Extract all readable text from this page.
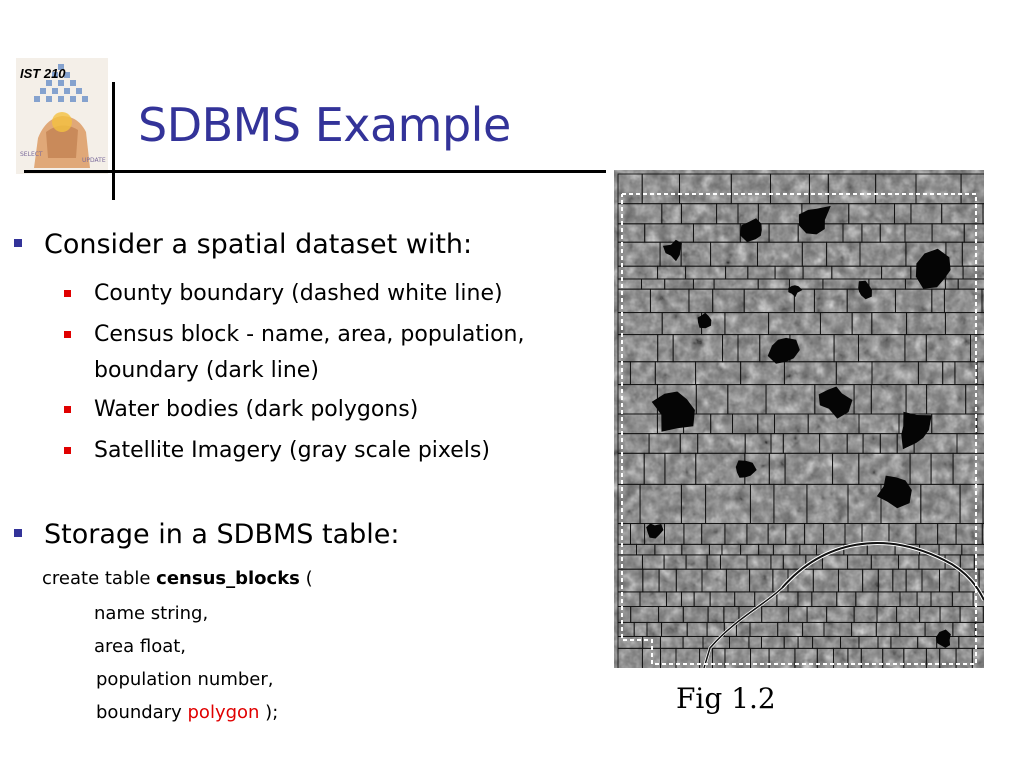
SELECT
UPDATE
IST 210
SDBMS Example
Consider a spatial dataset with:
County boundary (dashed white line)
Census block - name, area, population, boundary (dark line)
Water bodies (dark polygons)
Satellite Imagery (gray scale pixels)
Storage in a SDBMS table:
create table census_blocks (
name string,
area float,
population number,
boundary polygon );	Fig 1.2
